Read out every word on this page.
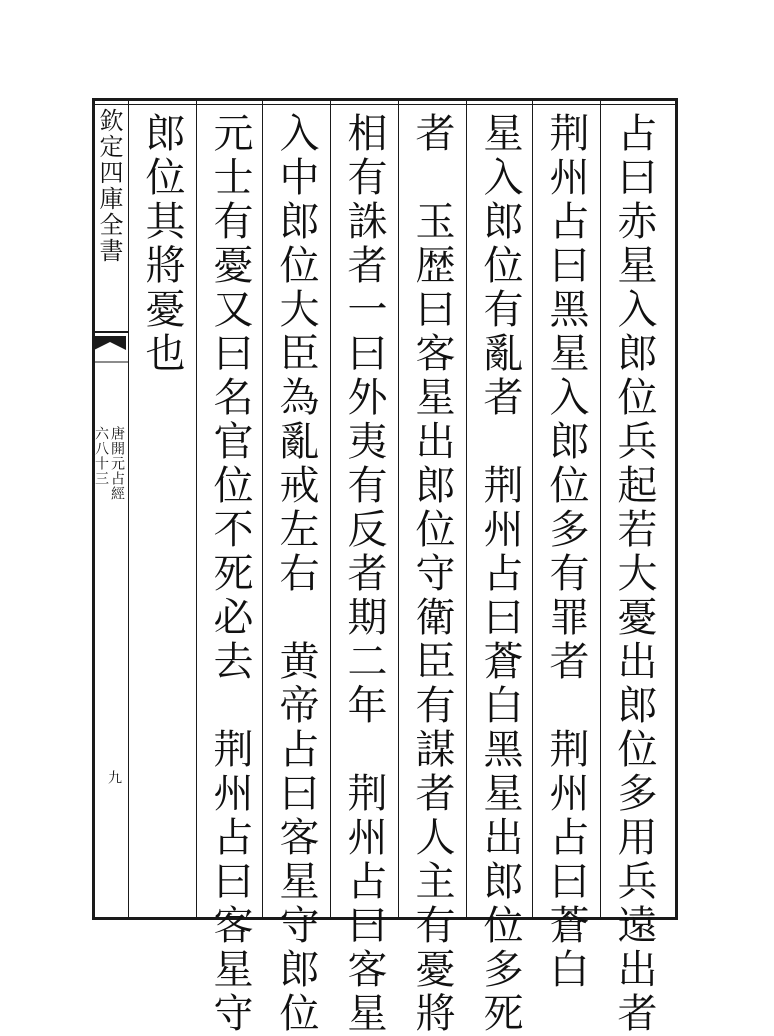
欽定四庫全書
唐開元占經
六八十三
九	占曰赤星入郎位兵起若大憂出郎位多用兵遠出者
荆州占曰黑星入郎位多有罪者　荆州占曰蒼白
星入郎位有亂者　荆州占曰蒼白黑星出郎位多死
者　玉歴曰客星出郎位守衛臣有謀者人主有憂將
相有誅者一曰外夷有反者期二年　荆州占曰客星
入中郎位大臣為亂戒左右　黄帝占曰客星守郎位
元士有憂又曰名官位不死必去　荆州占曰客星守
郎位其將憂也
